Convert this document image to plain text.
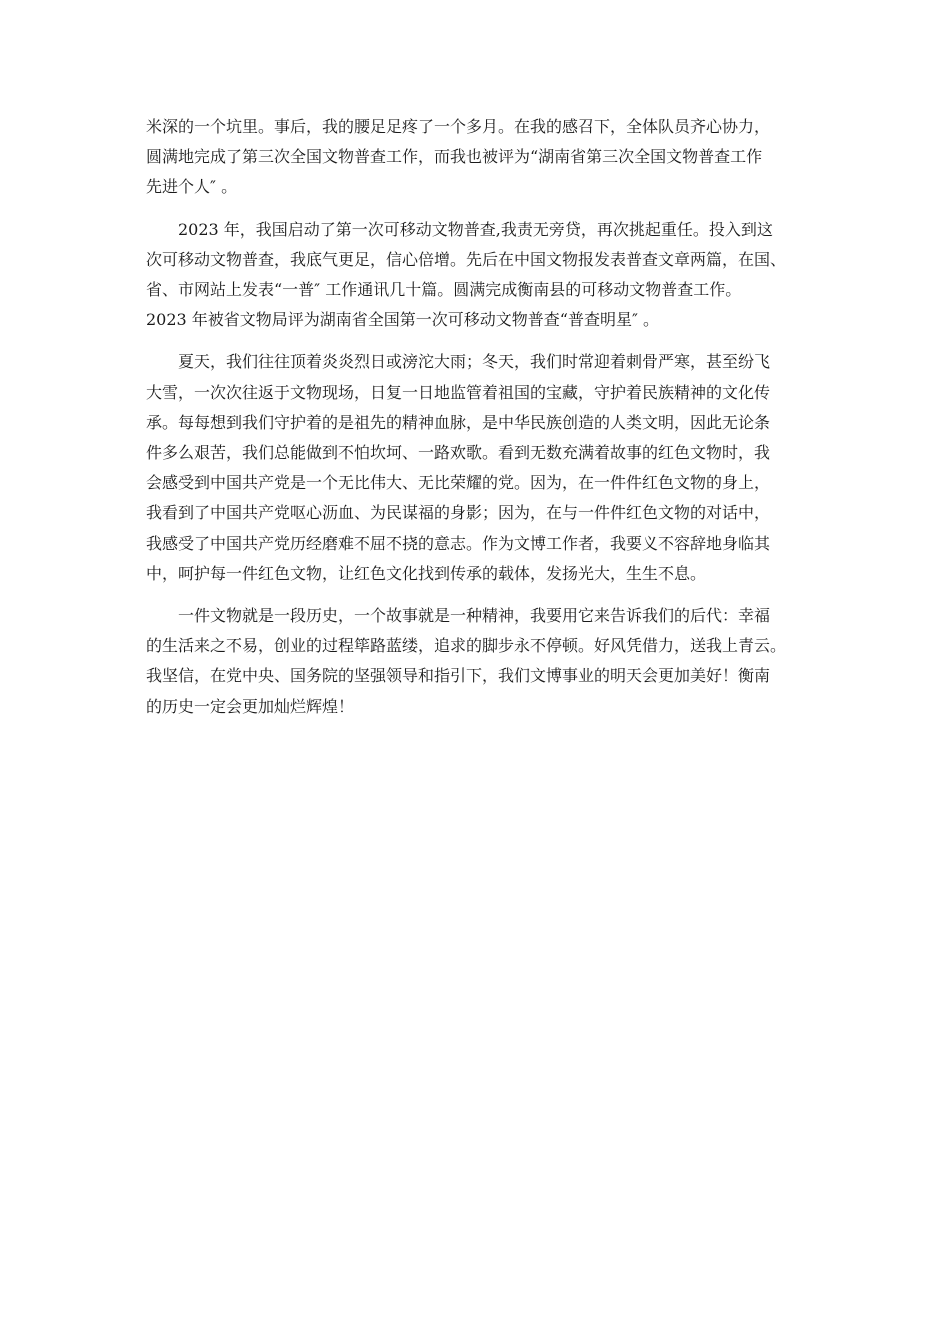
米深的一个坑里。事后，我的腰足足疼了一个多月。在我的感召下，全体队员齐心协力，
圆满地完成了第三次全国文物普查工作，而我也被评为“湖南省第三次全国文物普查工作
先进个人″ 。

2023 年，我国启动了第一次可移动文物普查,我责无旁贷，再次挑起重任。投入到这
次可移动文物普查，我底气更足，信心倍增。先后在中国文物报发表普查文章两篇，在国、
省、市网站上发表“一普″ 工作通讯几十篇。圆满完成衡南县的可移动文物普查工作。
2023 年被省文物局评为湖南省全国第一次可移动文物普查“普查明星″ 。

夏天，我们往往顶着炎炎烈日或滂沱大雨；冬天，我们时常迎着刺骨严寒，甚至纷飞
大雪，一次次往返于文物现场，日复一日地监管着祖国的宝藏，守护着民族精神的文化传
承。每每想到我们守护着的是祖先的精神血脉，是中华民族创造的人类文明，因此无论条
件多么艰苦，我们总能做到不怕坎坷、一路欢歌。看到无数充满着故事的红色文物时，我
会感受到中国共产党是一个无比伟大、无比荣耀的党。因为，在一件件红色文物的身上，
我看到了中国共产党呕心沥血、为民谋福的身影；因为，在与一件件红色文物的对话中，
我感受了中国共产党历经磨难不屈不挠的意志。作为文博工作者，我要义不容辞地身临其
中，呵护每一件红色文物，让红色文化找到传承的载体，发扬光大，生生不息。

一件文物就是一段历史，一个故事就是一种精神，我要用它来告诉我们的后代：幸福
的生活来之不易，创业的过程筚路蓝缕，追求的脚步永不停顿。好风凭借力，送我上青云。
我坚信，在党中央、国务院的坚强领导和指引下，我们文博事业的明天会更加美好！衡南
的历史一定会更加灿烂辉煌！
